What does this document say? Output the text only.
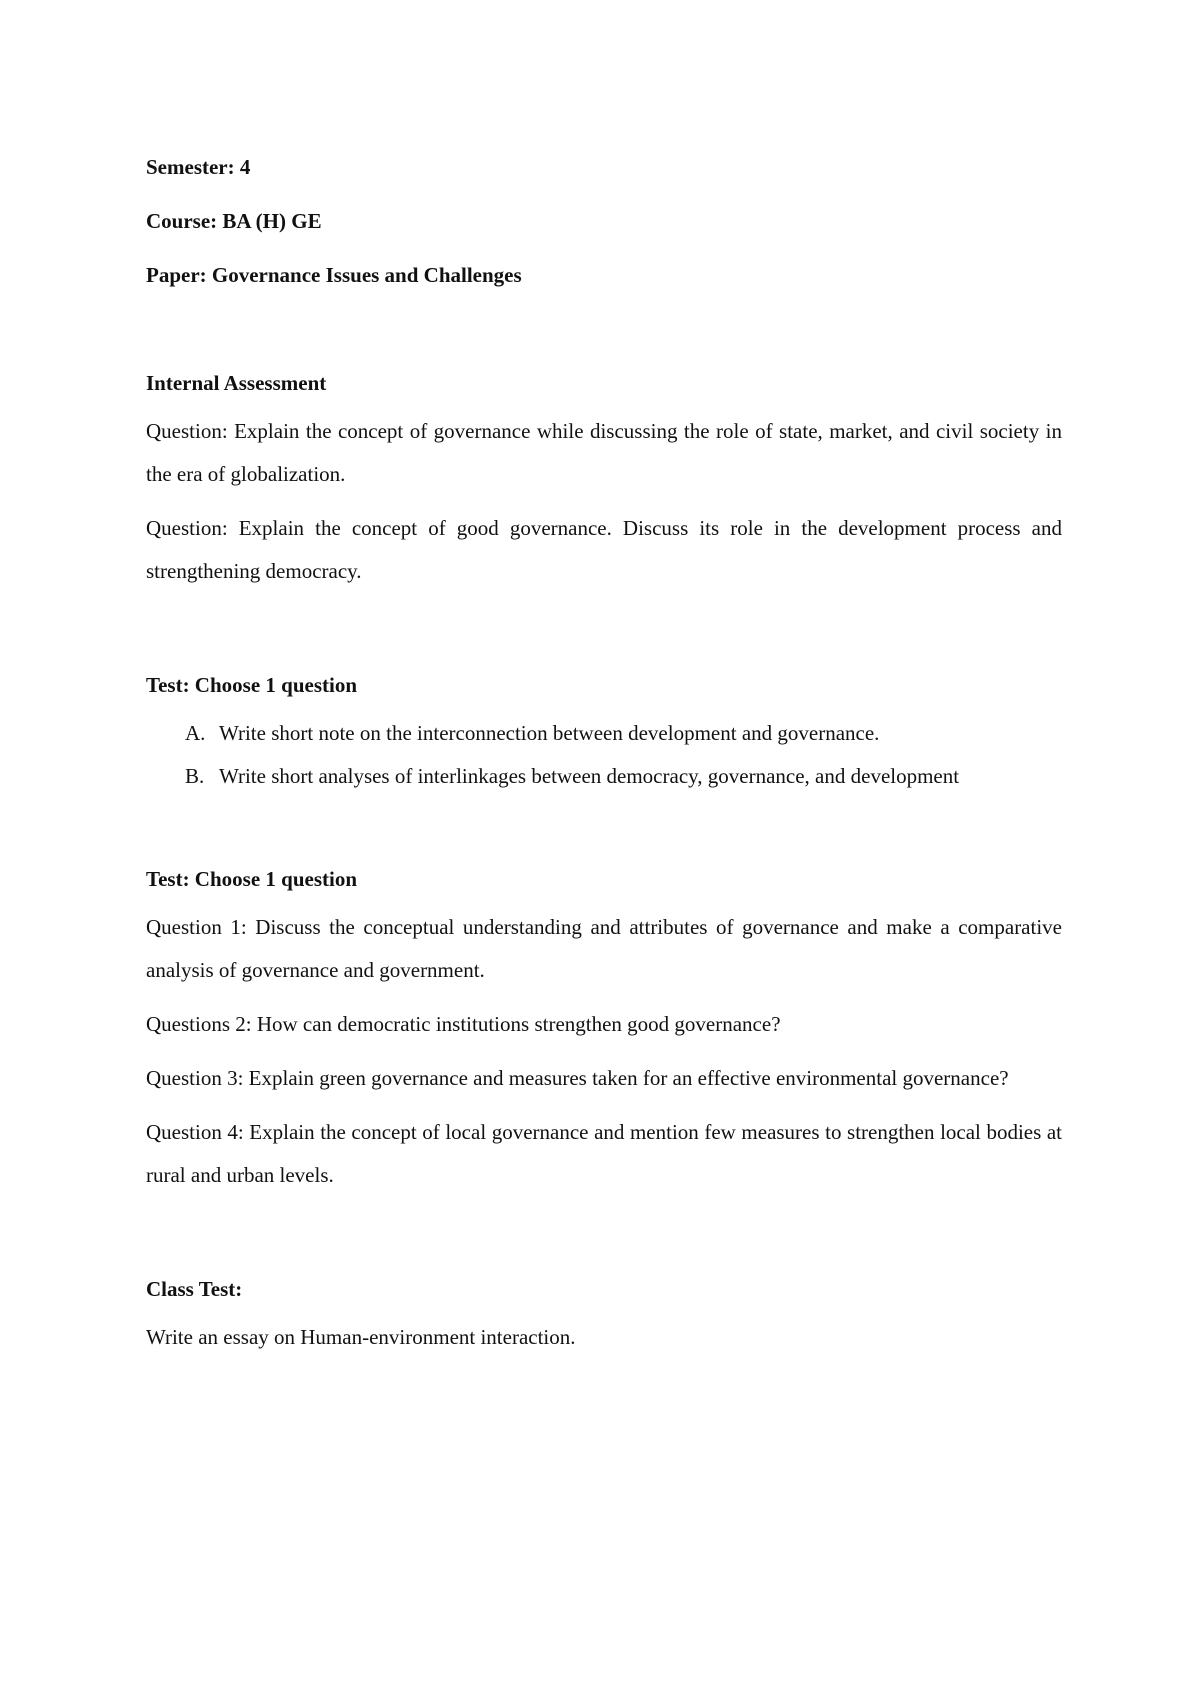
Semester: 4

Course: BA (H) GE

Paper: Governance Issues and Challenges

Internal Assessment

Question: Explain the concept of governance while discussing the role of state, market, and civil society in the era of globalization.

Question: Explain the concept of good governance. Discuss its role in the development process and strengthening democracy.

Test: Choose 1 question

A. Write short note on the interconnection between development and governance.
B. Write short analyses of interlinkages between democracy, governance, and development

Test: Choose 1 question

Question 1: Discuss the conceptual understanding and attributes of governance and make a comparative analysis of governance and government.

Questions 2: How can democratic institutions strengthen good governance?

Question 3: Explain green governance and measures taken for an effective environmental governance?

Question 4: Explain the concept of local governance and mention few measures to strengthen local bodies at rural and urban levels.

Class Test:

Write an essay on Human-environment interaction.
